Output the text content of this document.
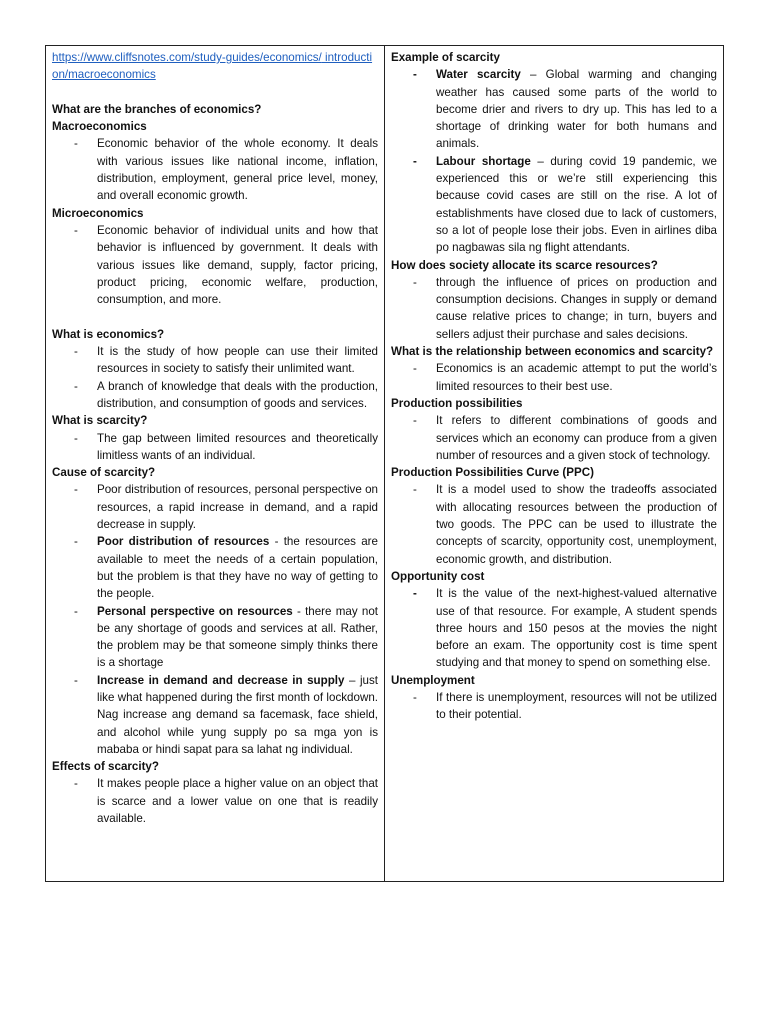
https://www.cliffsnotes.com/study-guides/economics/ introduction/macroeconomics
What are the branches of economics?
Macroeconomics
-	Economic behavior of the whole economy. It deals with various issues like national income, inflation, distribution, employment, general price level, money, and overall economic growth.
Microeconomics
-	Economic behavior of individual units and how that behavior is influenced by government. It deals with various issues like demand, supply, factor pricing, product pricing, economic welfare, production, consumption, and more.
What is economics?
-	It is the study of how people can use their limited resources in society to satisfy their unlimited want.
-	A branch of knowledge that deals with the production, distribution, and consumption of goods and services.
What is scarcity?
-	The gap between limited resources and theoretically limitless wants of an individual.
Cause of scarcity?
-	Poor distribution of resources, personal perspective on resources, a rapid increase in demand, and a rapid decrease in supply.
-	Poor distribution of resources - the resources are available to meet the needs of a certain population, but the problem is that they have no way of getting to the people.
-	Personal perspective on resources - there may not be any shortage of goods and services at all. Rather, the problem may be that someone simply thinks there is a shortage
-	Increase in demand and decrease in supply – just like what happened during the first month of lockdown. Nag increase ang demand sa facemask, face shield, and alcohol while yung supply po sa mga yon is mababa or hindi sapat para sa lahat ng individual.
Effects of scarcity?
-	It makes people place a higher value on an object that is scarce and a lower value on one that is readily available.
Example of scarcity
-	Water scarcity – Global warming and changing weather has caused some parts of the world to become drier and rivers to dry up. This has led to a shortage of drinking water for both humans and animals.
-	Labour shortage – during covid 19 pandemic, we experienced this or we’re still experiencing this because covid cases are still on the rise. A lot of establishments have closed due to lack of customers, so a lot of people lose their jobs. Even in airlines diba po nagbawas sila ng flight attendants.
How does society allocate its scarce resources?
-	through the influence of prices on production and consumption decisions. Changes in supply or demand cause relative prices to change; in turn, buyers and sellers adjust their purchase and sales decisions.
What is the relationship between economics and scarcity?
-	Economics is an academic attempt to put the world’s limited resources to their best use.
Production possibilities
-	It refers to different combinations of goods and services which an economy can produce from a given number of resources and a given stock of technology.
Production Possibilities Curve (PPC)
-	It is a model used to show the tradeoffs associated with allocating resources between the production of two goods. The PPC can be used to illustrate the concepts of scarcity, opportunity cost, unemployment, economic growth, and distribution.
Opportunity cost
-	It is the value of the next-highest-valued alternative use of that resource. For example, A student spends three hours and 150 pesos at the movies the night before an exam. The opportunity cost is time spent studying and that money to spend on something else.
Unemployment
-	If there is unemployment, resources will not be utilized to their potential.
